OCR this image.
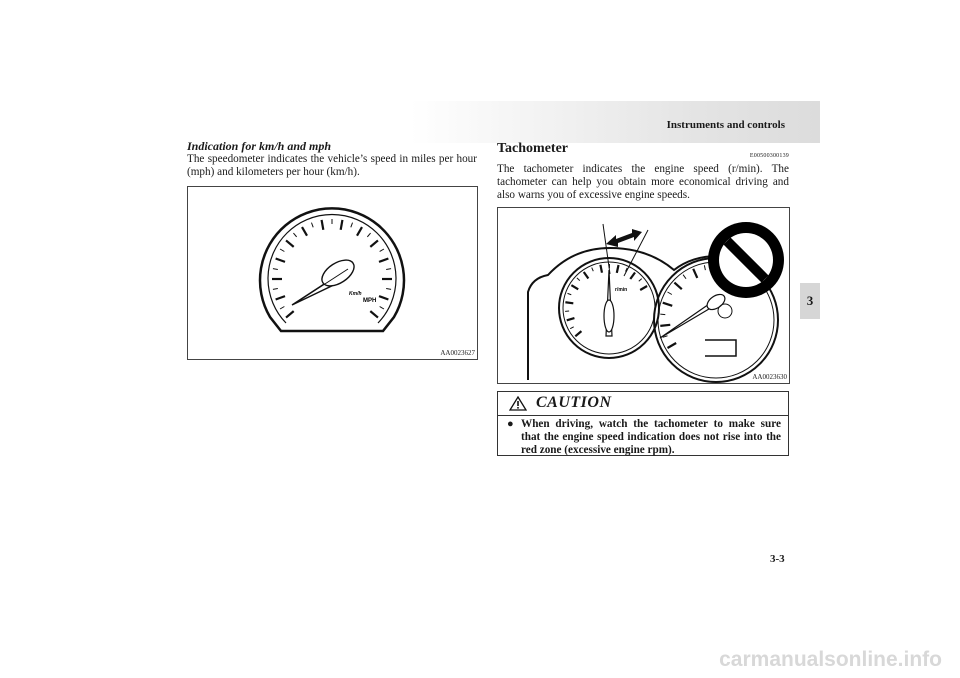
Instruments and controls
3

Indication for km/h and mph

The speedometer indicates the vehicle’s speed in miles per hour (mph) and kilometers per hour (km/h).

Km/h
MPH
AA0023627

Tachometer	E00500300139

The tachometer indicates the engine speed (r/min). The tachometer can help you obtain more economical driving and also warns you of excessive engine speeds.

r/min
AA0023630
CAUTION
● When driving, watch the tachometer to make sure that the engine speed indication does not rise into the red zone (excessive engine rpm).
3-3
carmanualsonline.info
